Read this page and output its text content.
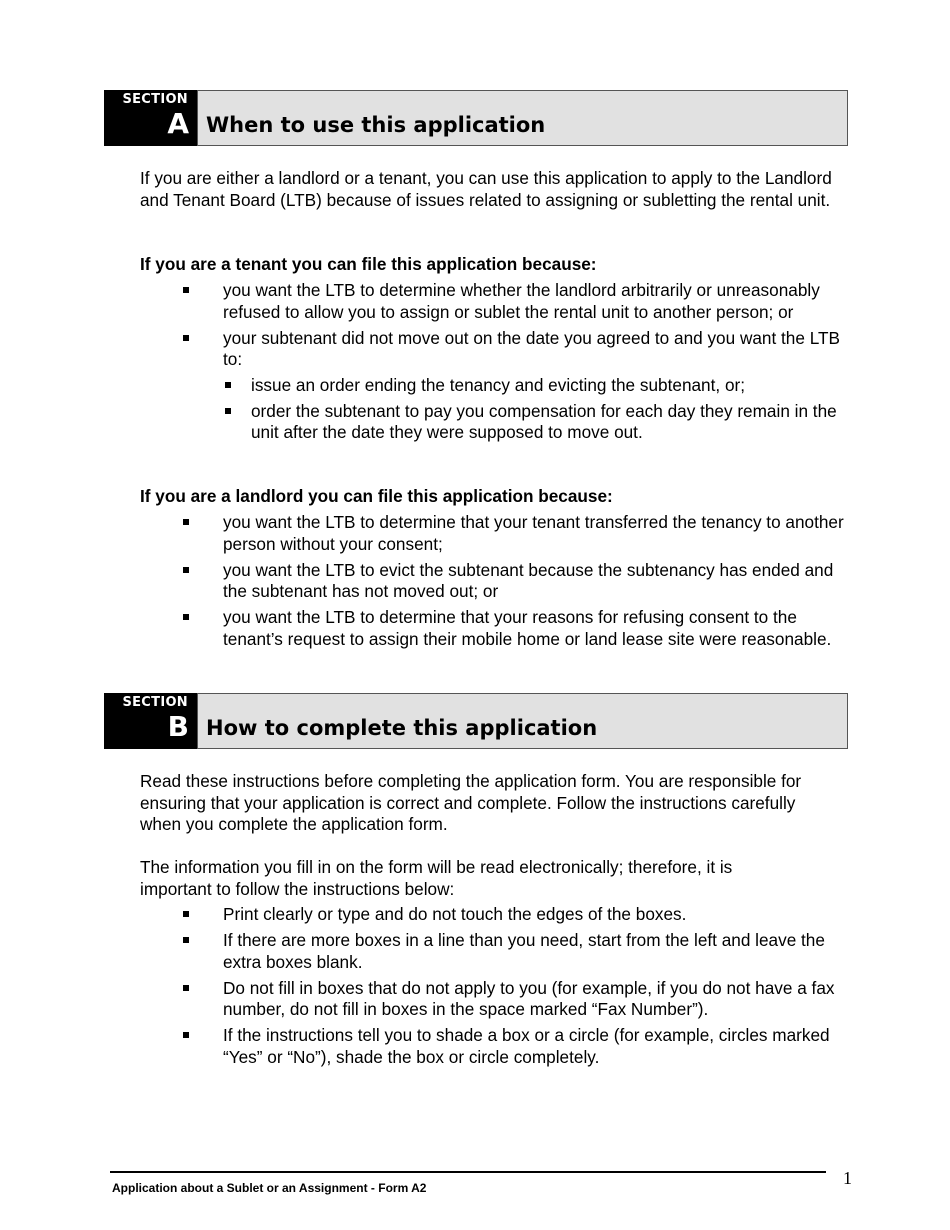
SECTION
A When to use this application
If you are either a landlord or a tenant, you can use this application to apply to the Landlord and Tenant Board (LTB) because of issues related to assigning or subletting the rental unit.
If you are a tenant you can file this application because:
you want the LTB to determine whether the landlord arbitrarily or unreasonably refused to allow you to assign or sublet the rental unit to another person; or
your subtenant did not move out on the date you agreed to and you want the LTB to:
issue an order ending the tenancy and evicting the subtenant, or;
order the subtenant to pay you compensation for each day they remain in the unit after the date they were supposed to move out.
If you are a landlord you can file this application because:
you want the LTB to determine that your tenant transferred the tenancy to another person without your consent;
you want the LTB to evict the subtenant because the subtenancy has ended and the subtenant has not moved out; or
you want the LTB to determine that your reasons for refusing consent to the tenant’s request to assign their mobile home or land lease site were reasonable.
SECTION
B How to complete this application
Read these instructions before completing the application form. You are responsible for ensuring that your application is correct and complete. Follow the instructions carefully when you complete the application form.
The information you fill in on the form will be read electronically; therefore, it is important to follow the instructions below:
Print clearly or type and do not touch the edges of the boxes.
If there are more boxes in a line than you need, start from the left and leave the extra boxes blank.
Do not fill in boxes that do not apply to you (for example, if you do not have a fax number, do not fill in boxes in the space marked “Fax Number”).
If the instructions tell you to shade a box or a circle (for example, circles marked “Yes” or “No”), shade the box or circle completely.
Application about a Sublet or an Assignment - Form A2	1
